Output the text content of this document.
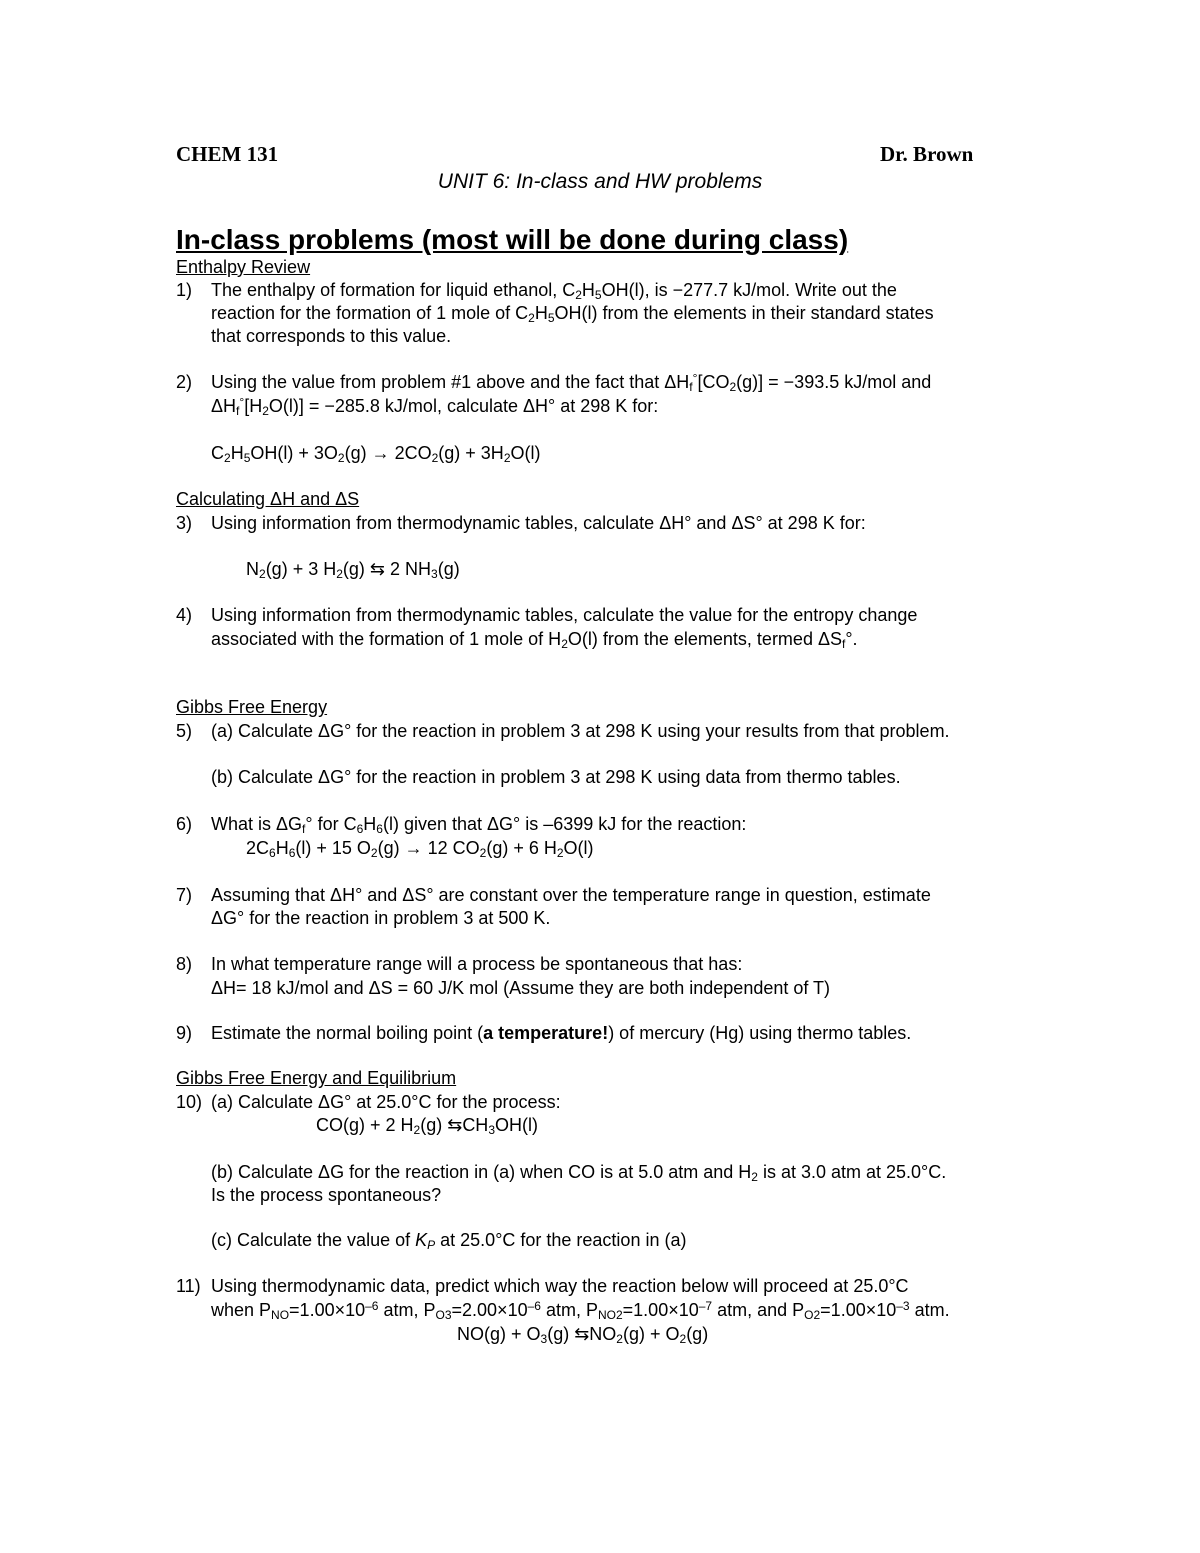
CHEM 131	Dr. Brown
UNIT 6: In-class and HW problems
In-class problems (most will be done during class)
Enthalpy Review
1) The enthalpy of formation for liquid ethanol, $C_2H_5OH(l)$, is −277.7 kJ/mol. Write out the
reaction for the formation of 1 mole of $C_2H_5OH(l)$ from the elements in their standard states
that corresponds to this value.
2) Using the value from problem #1 above and the fact that $\Delta H_f^\circ[CO_2(g)] = -393.5$ kJ/mol and
$\Delta H_f^\circ[H_2O(l)] = -285.8$ kJ/mol, calculate ΔH° at 298 K for:
$C_2H_5OH(l) + 3O_2(g) \to 2CO_2(g) + 3H_2O(l)$
Calculating ΔH and ΔS
3) Using information from thermodynamic tables, calculate ΔH° and ΔS° at 298 K for:
$N_2(g) + 3$ $H_2(g)$ ⇆ 2 $NH_3(g)$
4) Using information from thermodynamic tables, calculate the value for the entropy change
associated with the formation of 1 mole of $H_2O(l)$ from the elements, termed $\Delta S_f^\circ$.
Gibbs Free Energy
5) (a) Calculate ΔG° for the reaction in problem 3 at 298 K using your results from that problem.
(b) Calculate ΔG° for the reaction in problem 3 at 298 K using data from thermo tables.
6) What is $\Delta G_f^\circ$ for $C_6H_6(l)$ given that ΔG° is –6399 kJ for the reaction:
$2C_6H_6(l) + 15$ $O_2(g) \to 12$ $CO_2(g) + 6$ $H_2O(l)$
7) Assuming that ΔH° and ΔS° are constant over the temperature range in question, estimate
ΔG° for the reaction in problem 3 at 500 K.
8) In what temperature range will a process be spontaneous that has:
ΔH= 18 kJ/mol and ΔS = 60 J/K mol (Assume they are both independent of T)
9) Estimate the normal boiling point (a temperature!) of mercury (Hg) using thermo tables.
Gibbs Free Energy and Equilibrium
10) (a) Calculate ΔG° at 25.0°C for the process:
CO(g) + 2 $H_2(g)$ $⇆CH_3OH(l)$
(b) Calculate ΔG for the reaction in (a) when CO is at 5.0 atm and $H_2$ is at 3.0 atm at 25.0°C.
Is the process spontaneous?
(c) Calculate the value of $K_P$ at 25.0°C for the reaction in (a)
11) Using thermodynamic data, predict which way the reaction below will proceed at 25.0°C
when $P_{NO}=1.00\times 10^{-6}$ atm, $P_{O3}=2.00\times 10^{-6}$ atm, $P_{NO2}=1.00\times 10^{-7}$ atm, and $P_{O2}=1.00\times 10^{-3}$ atm.
$NO(g) + O_3(g)$ $⇆NO_2(g) + O_2(g)$
